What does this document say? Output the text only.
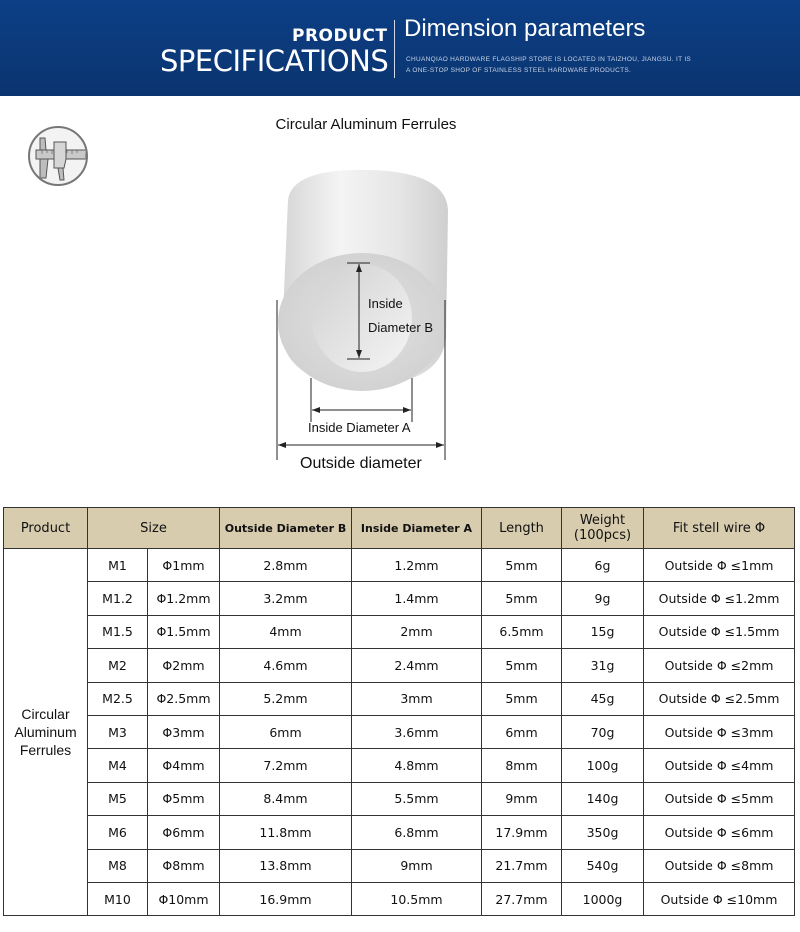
PRODUCT
SPECIFICATIONS
Dimension parameters
CHUANQIAO HARDWARE FLAGSHIP STORE IS LOCATED IN TAIZHOU, JIANGSU. IT IS
A ONE-STOP SHOP OF STAINLESS STEEL HARDWARE PRODUCTS.
Circular Aluminum Ferrules
Inside
Diameter B
Inside Diameter A
Outside diameter
Product	Size		Outside Diameter B	Inside Diameter A	Length	Weight
(100pcs)	Fit stell wire Φ

Circular
Aluminum
Ferrules	M1	Φ1mm	2.8mm	1.2mm	5mm	6g	Outside Φ ≤1mm
	M1.2	Φ1.2mm	3.2mm	1.4mm	5mm	9g	Outside Φ ≤1.2mm
	M1.5	Φ1.5mm	4mm	2mm	6.5mm	15g	Outside Φ ≤1.5mm
	M2	Φ2mm	4.6mm	2.4mm	5mm	31g	Outside Φ ≤2mm
	M2.5	Φ2.5mm	5.2mm	3mm	5mm	45g	Outside Φ ≤2.5mm
	M3	Φ3mm	6mm	3.6mm	6mm	70g	Outside Φ ≤3mm
	M4	Φ4mm	7.2mm	4.8mm	8mm	100g	Outside Φ ≤4mm
	M5	Φ5mm	8.4mm	5.5mm	9mm	140g	Outside Φ ≤5mm
	M6	Φ6mm	11.8mm	6.8mm	17.9mm	350g	Outside Φ ≤6mm
	M8	Φ8mm	13.8mm	9mm	21.7mm	540g	Outside Φ ≤8mm
	M10	Φ10mm	16.9mm	10.5mm	27.7mm	1000g	Outside Φ ≤10mm
